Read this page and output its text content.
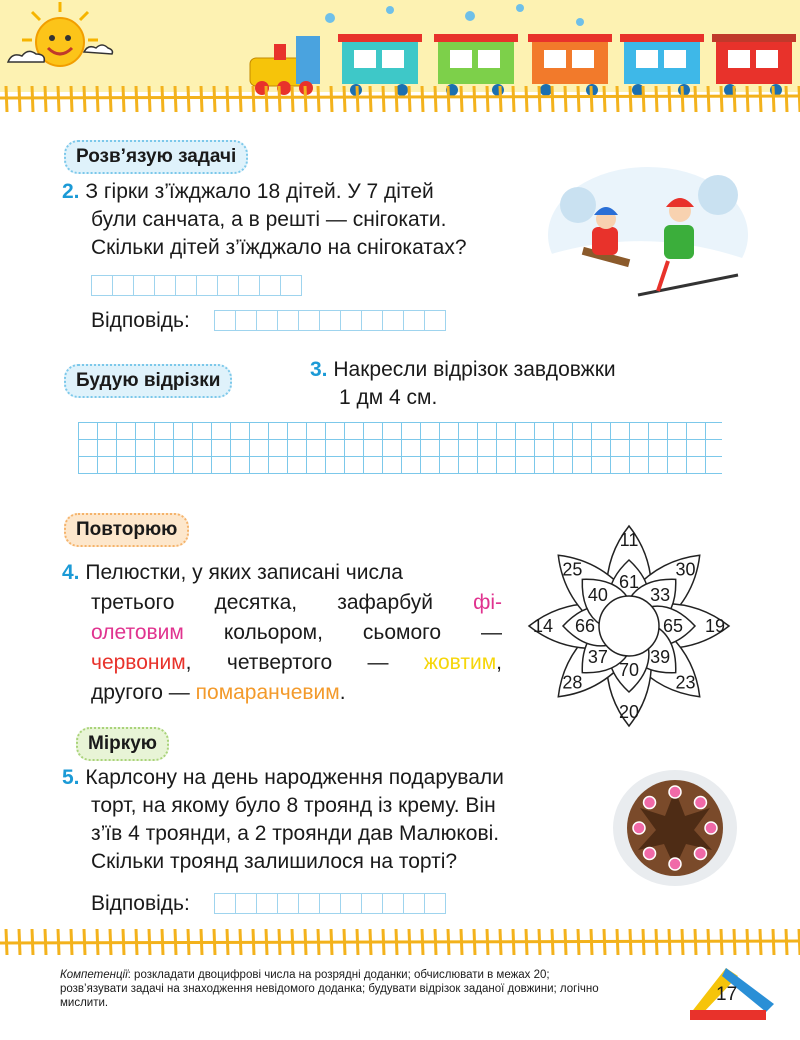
Розв’язую задачі
2. З гірки з’їжджало 18 дітей. У 7 дітей
були санчата, а в решті — снігокати.
Скільки дітей з’їжджало на снігокатах?
Відповідь:
Будую відрізки	3. Накресли відрізок завдовжки
1 дм 4 см.
Повторюю
4. Пелюстки, у яких записані числа
третього десятка, зафарбуй фі-
олетовим кольором, сьомого —
червоним, четвертого — жовтим,
другого — помаранчевим.
11
30
19
23
20
28
14
25
61
33
65
39
70
37
66
40
Міркую
5. Карлсону на день народження подарували
торт, на якому було 8 троянд із крему. Він
з’їв 4 троянди, а 2 троянди дав Малюкові.
Скільки троянд залишилося на торті?
Відповідь:
Компетенції: розкладати двоцифрові числа на розрядні доданки; обчислювати в межах 20; розв’язувати задачі на знаходження невідомого доданка; будувати відрізок заданої довжини; логічно мислити.	17
